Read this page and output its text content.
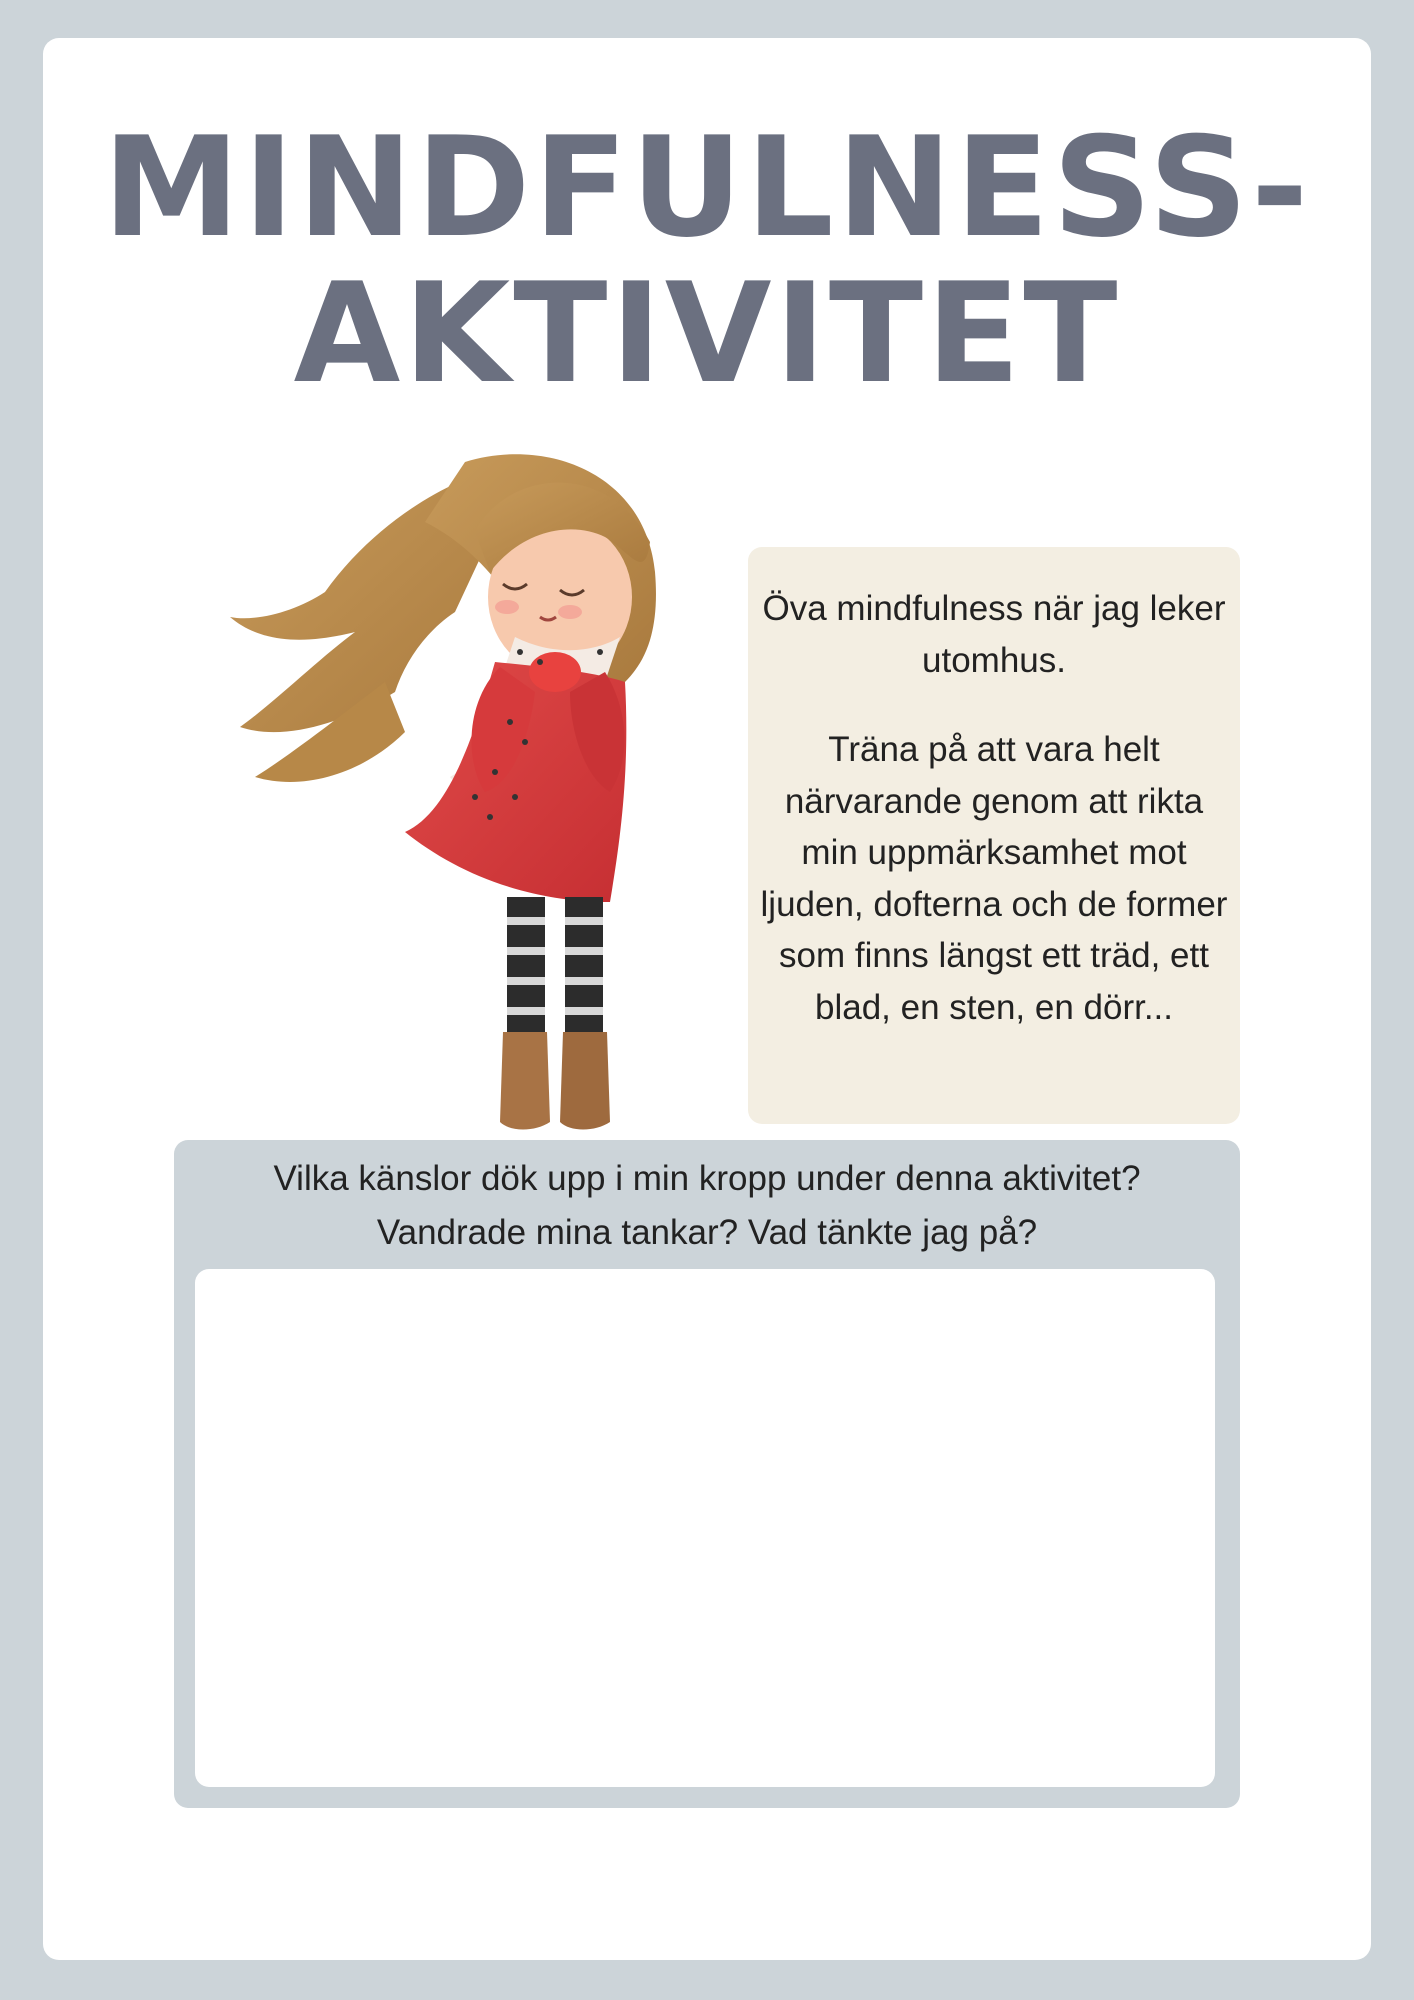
MINDFULNESS-
AKTIVITET

Öva mindfulness när jag leker utomhus.

Träna på att vara helt närvarande genom att rikta min uppmärksamhet mot ljuden, dofterna och de former som finns längst ett träd, ett blad, en sten, en dörr...

Vilka känslor dök upp i min kropp under denna aktivitet?
Vandrade mina tankar? Vad tänkte jag på?
